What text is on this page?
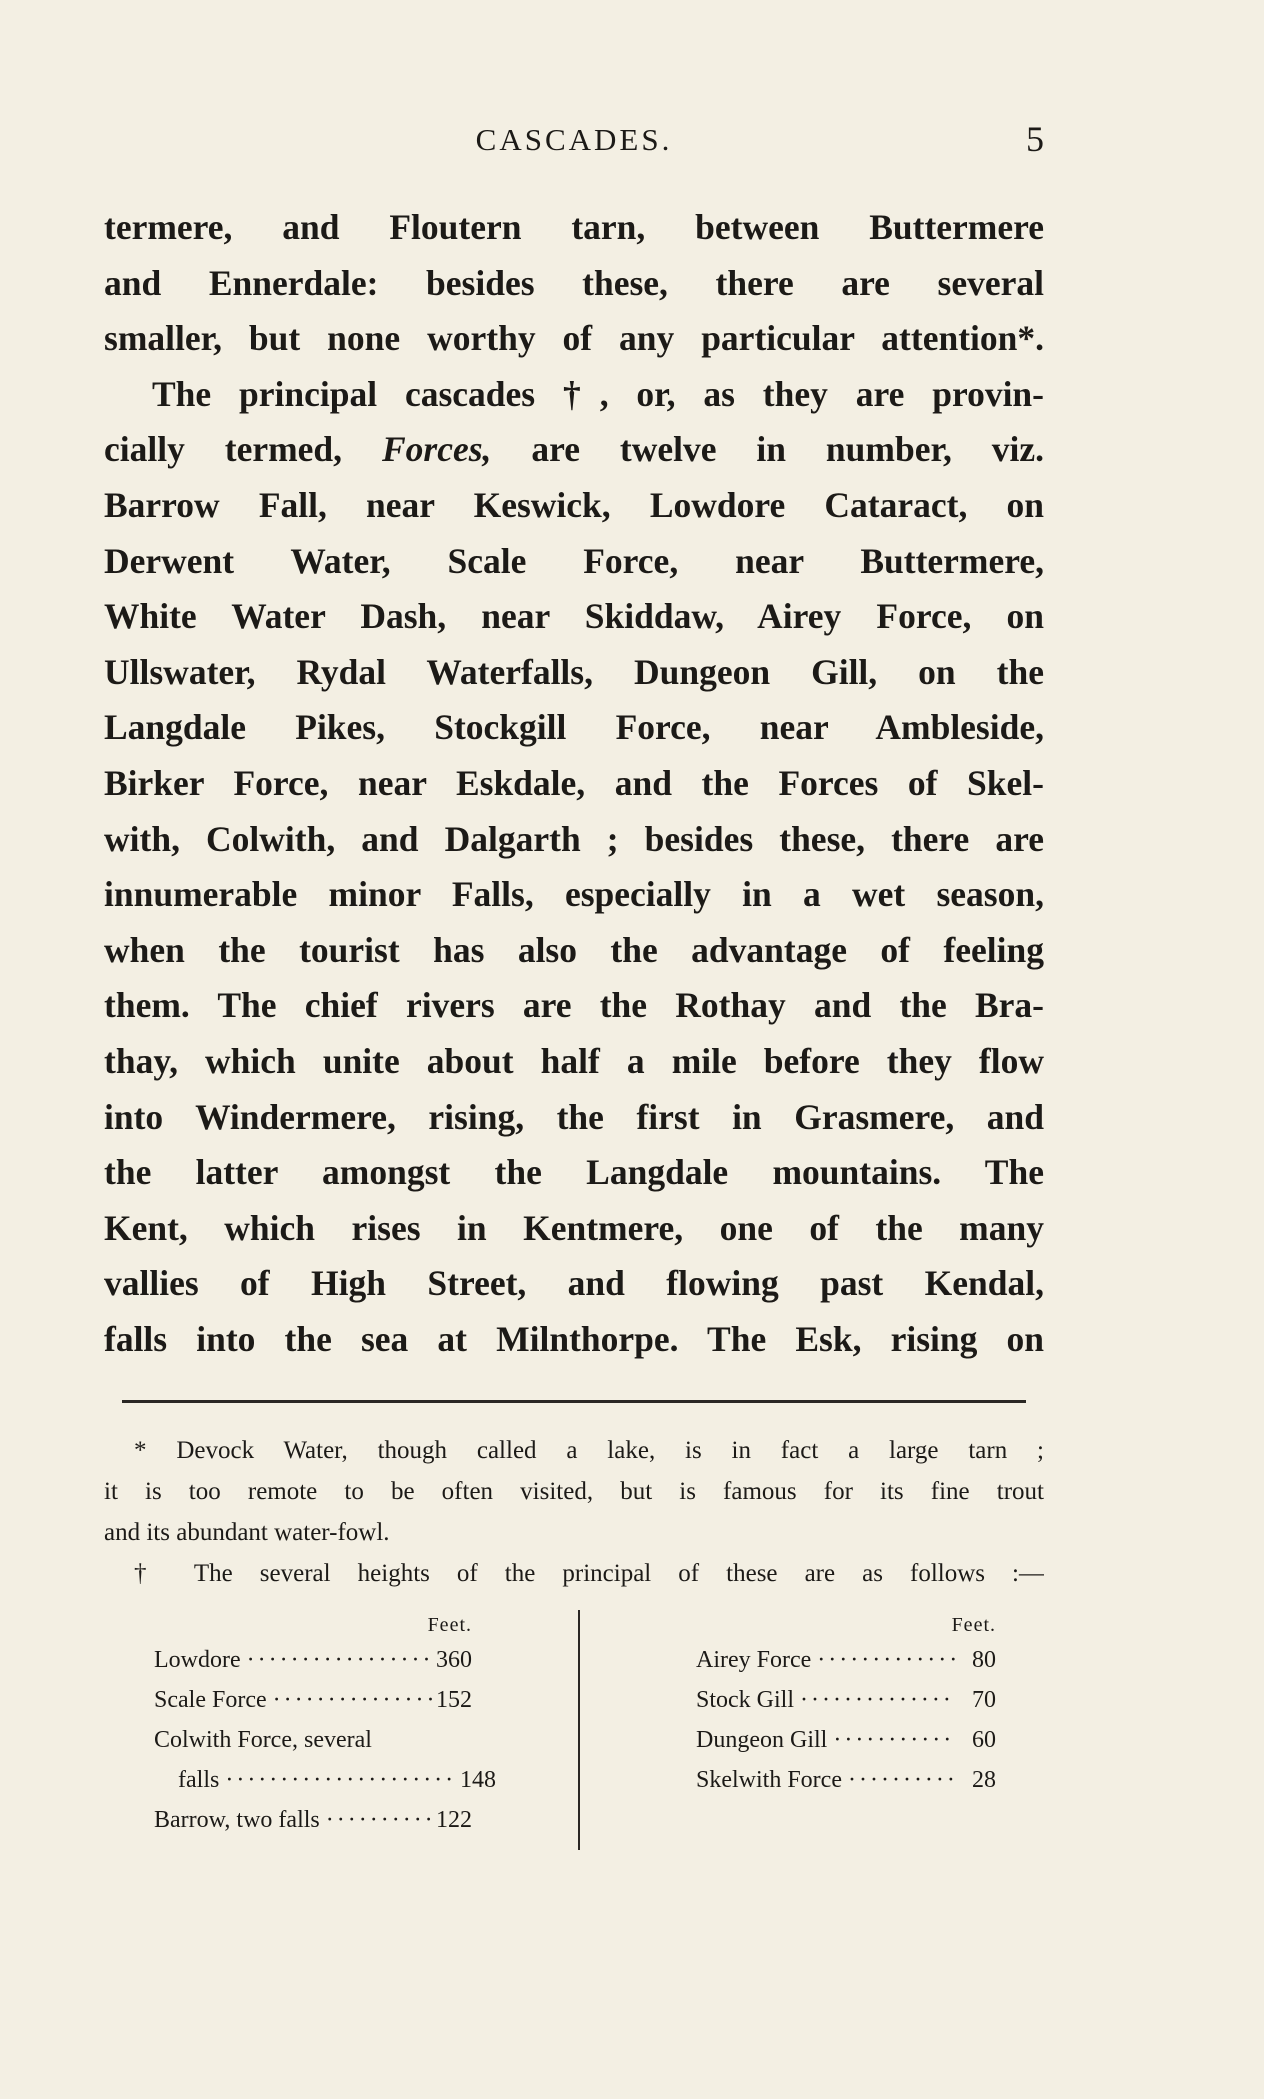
CASCADES.	5
termere, and Floutern tarn, between Buttermere
and Ennerdale: besides these, there are several
smaller, but none worthy of any particular attention*.
The principal cascades †, or, as they are provin-
cially termed, Forces, are twelve in number, viz.
Barrow Fall, near Keswick, Lowdore Cataract, on
Derwent Water, Scale Force, near Buttermere,
White Water Dash, near Skiddaw, Airey Force, on
Ullswater, Rydal Waterfalls, Dungeon Gill, on the
Langdale Pikes, Stockgill Force, near Ambleside,
Birker Force, near Eskdale, and the Forces of Skel-
with, Colwith, and Dalgarth ; besides these, there are
innumerable minor Falls, especially in a wet season,
when the tourist has also the advantage of feeling
them. The chief rivers are the Rothay and the Bra-
thay, which unite about half a mile before they flow
into Windermere, rising, the first in Grasmere, and
the latter amongst the Langdale mountains. The
Kent, which rises in Kentmere, one of the many
vallies of High Street, and flowing past Kendal,
falls into the sea at Milnthorpe. The Esk, rising on
* Devock Water, though called a lake, is in fact a large tarn ;
it is too remote to be often visited, but is famous for its fine trout
and its abundant water-fowl.
† The several heights of the principal of these are as follows :—
Feet.
Lowdore ·····	360
Scale Force ·····	152
Colwith Force, several
falls ·····	148
Barrow, two falls ·····	122
Feet.
Airey Force ·····	80
Stock Gill ·····	70
Dungeon Gill ·····	60
Skelwith Force ·····	28
